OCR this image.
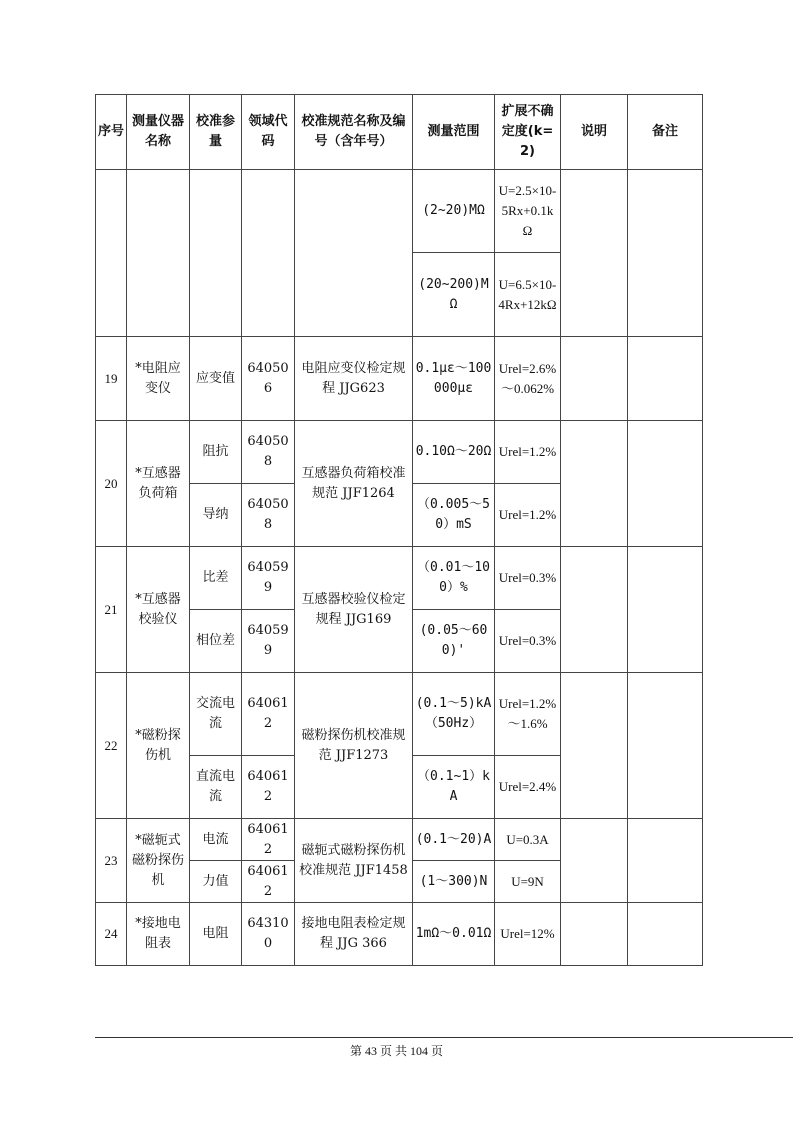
序号	测量仪器名称	校准参量	领域代码	校准规范名称及编号（含年号）	测量范围	扩展不确定度(k=2)	说明	备注
					(2~20)MΩ	U=2.5×10-5Rx+0.1kΩ		
					(20~200)MΩ	U=6.5×10-4Rx+12kΩ		
19	*电阻应变仪	应变值	640506	电阻应变仪检定规程 JJG623	0.1με～100000με	Urel=2.6%～0.062%		
20	*互感器负荷箱	阻抗	640508	互感器负荷箱校准规范 JJF1264	0.10Ω～20Ω	Urel=1.2%		
		导纳	640508		（0.005～50）mS	Urel=1.2%		
21	*互感器校验仪	比差	640599	互感器校验仪检定规程 JJG169	（0.01～100）%	Urel=0.3%		
		相位差	640599		(0.05～600)'	Urel=0.3%		
22	*磁粉探伤机	交流电流	640612	磁粉探伤机校准规范 JJF1273	(0.1～5)kA（50Hz）	Urel=1.2%～1.6%		
		直流电流	640612		（0.1~1）kA	Urel=2.4%		
23	*磁轭式磁粉探伤机	电流	640612	磁轭式磁粉探伤机校准规范 JJF1458	(0.1～20)A	U=0.3A		
		力值	640612		(1～300)N	U=9N		
24	*接地电阻表	电阻	643100	接地电阻表检定规程 JJG 366	1mΩ～0.01Ω	Urel=12%		
第 43 页 共 104 页
